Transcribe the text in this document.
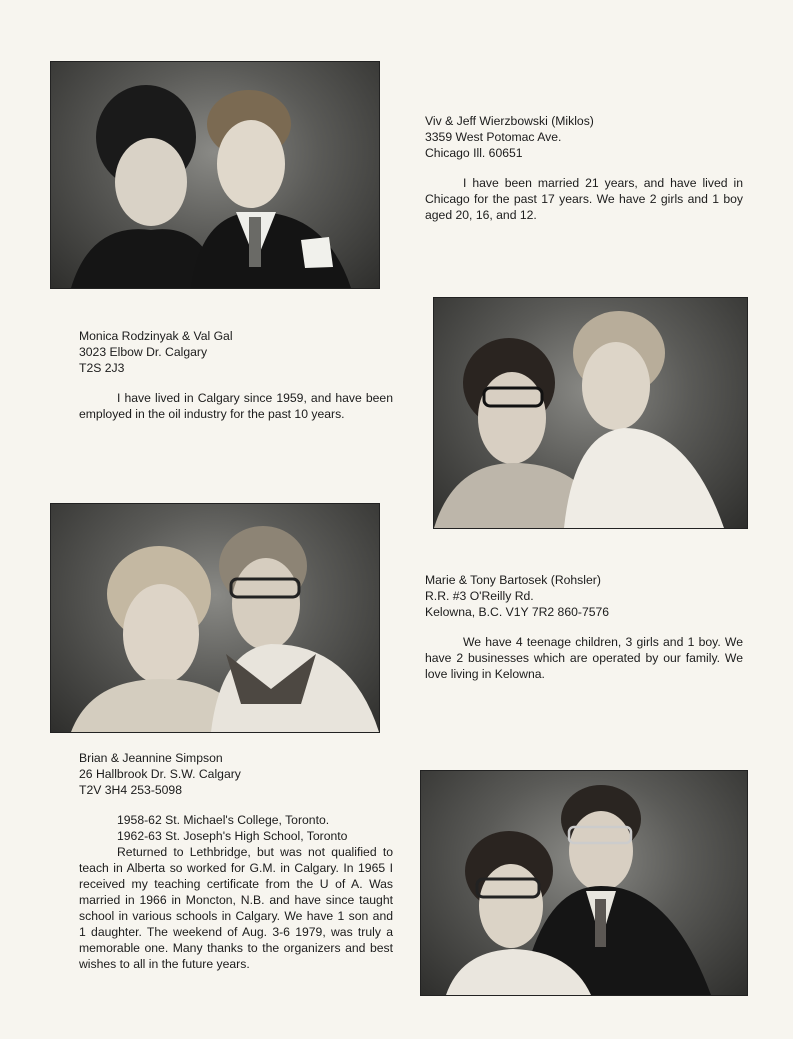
Viv & Jeff Wierzbowski (Miklos)
3359 West Potomac Ave.
Chicago Ill. 60651
I have been married 21 years, and have lived in Chicago for the past 17 years. We have 2 girls and 1 boy aged 20, 16, and 12.
Monica Rodzinyak & Val Gal
3023 Elbow Dr. Calgary
T2S 2J3
I have lived in Calgary since 1959, and have been employed in the oil industry for the past 10 years.
Marie & Tony Bartosek (Rohsler)
R.R. #3 O'Reilly Rd.
Kelowna, B.C. V1Y 7R2 860-7576
We have 4 teenage children, 3 girls and 1 boy. We have 2 businesses which are operated by our family. We love living in Kelowna.
Brian & Jeannine Simpson
26 Hallbrook Dr. S.W. Calgary
T2V 3H4 253-5098
1958-62 St. Michael's College, Toronto.
1962-63 St. Joseph's High School, Toronto
Returned to Lethbridge, but was not qualified to teach in Alberta so worked for G.M. in Calgary. In 1965 I received my teaching certificate from the U of A. Was married in 1966 in Moncton, N.B. and have since taught school in various schools in Calgary. We have 1 son and 1 daughter. The weekend of Aug. 3-6 1979, was truly a memorable one. Many thanks to the organizers and best wishes to all in the future years.
